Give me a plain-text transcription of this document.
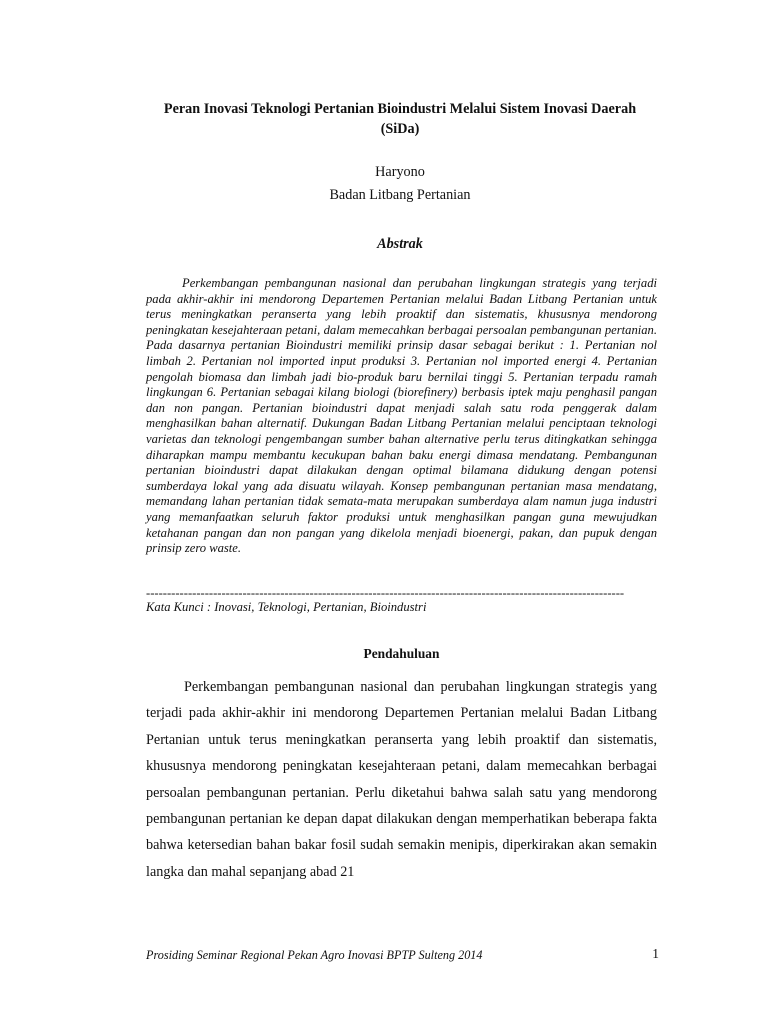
Peran Inovasi Teknologi Pertanian Bioindustri Melalui Sistem Inovasi Daerah (SiDa)
Haryono
Badan Litbang Pertanian
Abstrak

Perkembangan pembangunan nasional dan perubahan lingkungan strategis yang terjadi pada akhir-akhir ini mendorong Departemen Pertanian melalui Badan Litbang Pertanian untuk terus meningkatkan peranserta yang lebih proaktif dan sistematis, khususnya mendorong peningkatan kesejahteraan petani, dalam memecahkan berbagai persoalan pembangunan pertanian. Pada dasarnya pertanian Bioindustri memiliki prinsip dasar sebagai berikut : 1. Pertanian nol limbah 2. Pertanian nol imported input produksi 3. Pertanian nol imported energi 4. Pertanian pengolah biomasa dan limbah jadi bio-produk baru bernilai tinggi 5. Pertanian terpadu ramah lingkungan 6. Pertanian sebagai kilang biologi (biorefinery) berbasis iptek maju penghasil pangan dan non pangan. Pertanian bioindustri dapat menjadi salah satu roda penggerak dalam menghasilkan bahan alternatif. Dukungan Badan Litbang Pertanian melalui penciptaan teknologi varietas dan teknologi pengembangan sumber bahan alternative perlu terus ditingkatkan sehingga diharapkan mampu membantu kecukupan bahan baku energi dimasa mendatang. Pembangunan pertanian bioindustri dapat dilakukan dengan optimal bilamana didukung dengan potensi sumberdaya lokal yang ada disuatu wilayah. Konsep pembangunan pertanian masa mendatang, memandang lahan pertanian tidak semata-mata merupakan sumberdaya alam namun juga industri yang memanfaatkan seluruh faktor produksi untuk menghasilkan pangan guna mewujudkan ketahanan pangan dan non pangan yang dikelola menjadi bioenergi, pakan, dan pupuk dengan prinsip zero waste.

------------------------------------------------------------------------------------------------------------------
Kata Kunci : Inovasi, Teknologi, Pertanian, Bioindustri
Pendahuluan

Perkembangan pembangunan nasional dan perubahan lingkungan strategis yang terjadi pada akhir-akhir ini mendorong Departemen Pertanian melalui Badan Litbang Pertanian untuk terus meningkatkan peranserta yang lebih proaktif dan sistematis, khususnya mendorong peningkatan kesejahteraan petani, dalam memecahkan berbagai persoalan pembangunan pertanian. Perlu diketahui bahwa salah satu yang mendorong pembangunan pertanian ke depan dapat dilakukan dengan memperhatikan beberapa fakta bahwa ketersedian bahan bakar fosil sudah semakin menipis, diperkirakan akan semakin langka dan mahal sepanjang abad 21

Prosiding Seminar Regional Pekan Agro Inovasi BPTP Sulteng 2014	1
